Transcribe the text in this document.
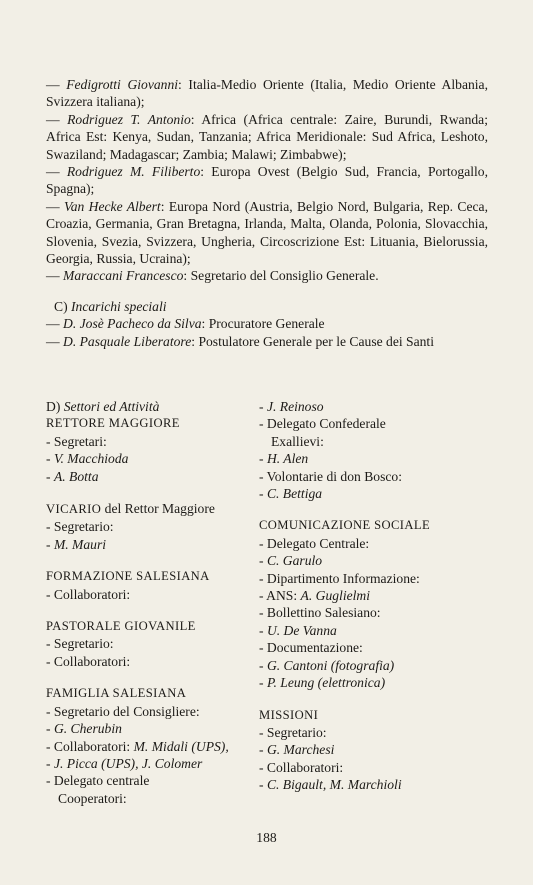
— Fedigrotti Giovanni: Italia-Medio Oriente (Italia, Medio Oriente Albania, Svizzera italiana);

— Rodriguez T. Antonio: Africa (Africa centrale: Zaire, Burundi, Rwanda; Africa Est: Kenya, Sudan, Tanzania; Africa Meridionale: Sud Africa, Leshoto, Swaziland; Madagascar; Zambia; Malawi; Zimbabwe);

— Rodriguez M. Filiberto: Europa Ovest (Belgio Sud, Francia, Portogallo, Spagna);

— Van Hecke Albert: Europa Nord (Austria, Belgio Nord, Bulgaria, Rep. Ceca, Croazia, Germania, Gran Bretagna, Irlanda, Malta, Olanda, Polonia, Slovacchia, Slovenia, Svezia, Svizzera, Ungheria, Circoscrizione Est: Lituania, Bielorussia, Georgia, Russia, Ucraina);

— Maraccani Francesco: Segretario del Consiglio Generale.

C) Incarichi speciali

— D. Josè Pacheco da Silva: Procuratore Generale

— D. Pasquale Liberatore: Postulatore Generale per le Cause dei Santi

D) Settori ed Attività
RETTORE MAGGIORE
- Segretari:
- V. Macchioda
- A. Botta
VICARIO del Rettor Maggiore
- Segretario:
- M. Mauri
FORMAZIONE SALESIANA
- Collaboratori:
PASTORALE GIOVANILE
- Segretario:
- Collaboratori:
FAMIGLIA SALESIANA
- Segretario del Consigliere:
- G. Cherubin
- Collaboratori: M. Midali (UPS),
- J. Picca (UPS), J. Colomer
- Delegato centrale
Cooperatori:
- J. Reinoso
- Delegato Confederale
Exallievi:
- H. Alen
- Volontarie di don Bosco:
- C. Bettiga
COMUNICAZIONE SOCIALE
- Delegato Centrale:
- C. Garulo
- Dipartimento Informazione:
- ANS: A. Guglielmi
- Bollettino Salesiano:
- U. De Vanna
- Documentazione:
- G. Cantoni (fotografia)
- P. Leung (elettronica)
MISSIONI
- Segretario:
- G. Marchesi
- Collaboratori:
- C. Bigault, M. Marchioli
188
